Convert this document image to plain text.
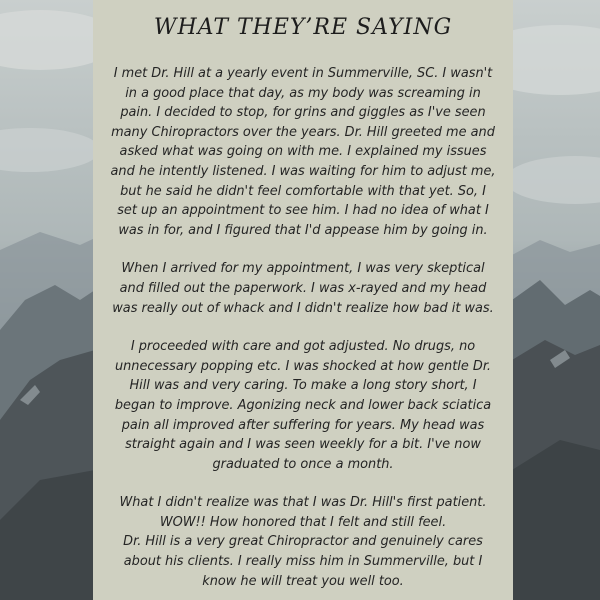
WHAT THEY’RE SAYING
I met Dr. Hill at a yearly event in Summerville, SC. I wasn't
in a good place that day, as my body was screaming in
pain. I decided to stop, for grins and giggles as I've seen
many Chiropractors over the years. Dr. Hill greeted me and
asked what was going on with me. I explained my issues
and he intently listened. I was waiting for him to adjust me,
but he said he didn't feel comfortable with that yet. So, I
set up an appointment to see him. I had no idea of what I
was in for, and I figured that I'd appease him by going in.
When I arrived for my appointment, I was very skeptical
and filled out the paperwork. I was x-rayed and my head
was really out of whack and I didn't realize how bad it was.
I proceeded with care and got adjusted. No drugs, no
unnecessary popping etc. I was shocked at how gentle Dr.
Hill was and very caring. To make a long story short, I
began to improve. Agonizing neck and lower back sciatica
pain all improved after suffering for years. My head was
straight again and I was seen weekly for a bit. I've now
graduated to once a month.
What I didn't realize was that I was Dr. Hill's first patient.
WOW!! How honored that I felt and still feel.
Dr. Hill is a very great Chiropractor and genuinely cares
about his clients. I really miss him in Summerville, but I
know he will treat you well too.
